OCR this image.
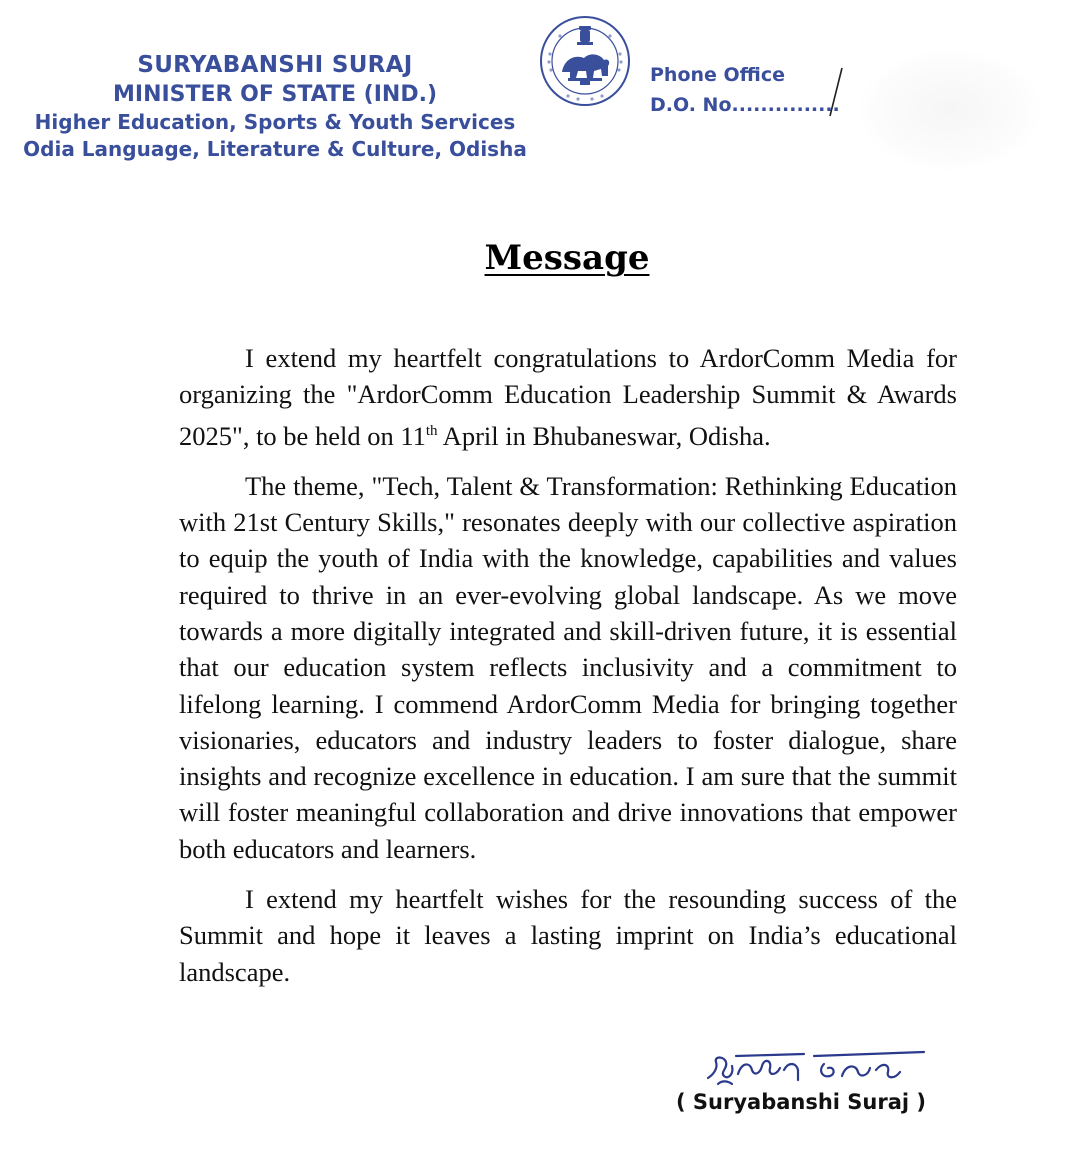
SURYABANSHI SURAJ
MINISTER OF STATE (IND.)
Higher Education, Sports & Youth Services
Odia Language, Literature & Culture, Odisha
Phone Office
D.O. No...............
Message

I extend my heartfelt congratulations to ArdorComm Media for organizing the "ArdorComm Education Leadership Summit & Awards 2025", to be held on 11th April in Bhubaneswar, Odisha.

The theme, "Tech, Talent & Transformation: Rethinking Education with 21st Century Skills," resonates deeply with our collective aspiration to equip the youth of India with the knowledge, capabilities and values required to thrive in an ever-evolving global landscape. As we move towards a more digitally integrated and skill-driven future, it is essential that our education system reflects inclusivity and a commitment to lifelong learning. I commend ArdorComm Media for bringing together visionaries, educators and industry leaders to foster dialogue, share insights and recognize excellence in education. I am sure that the summit will foster meaningful collaboration and drive innovations that empower both educators and learners.

I extend my heartfelt wishes for the resounding success of the Summit and hope it leaves a lasting imprint on India’s educational landscape.

( Suryabanshi Suraj )
